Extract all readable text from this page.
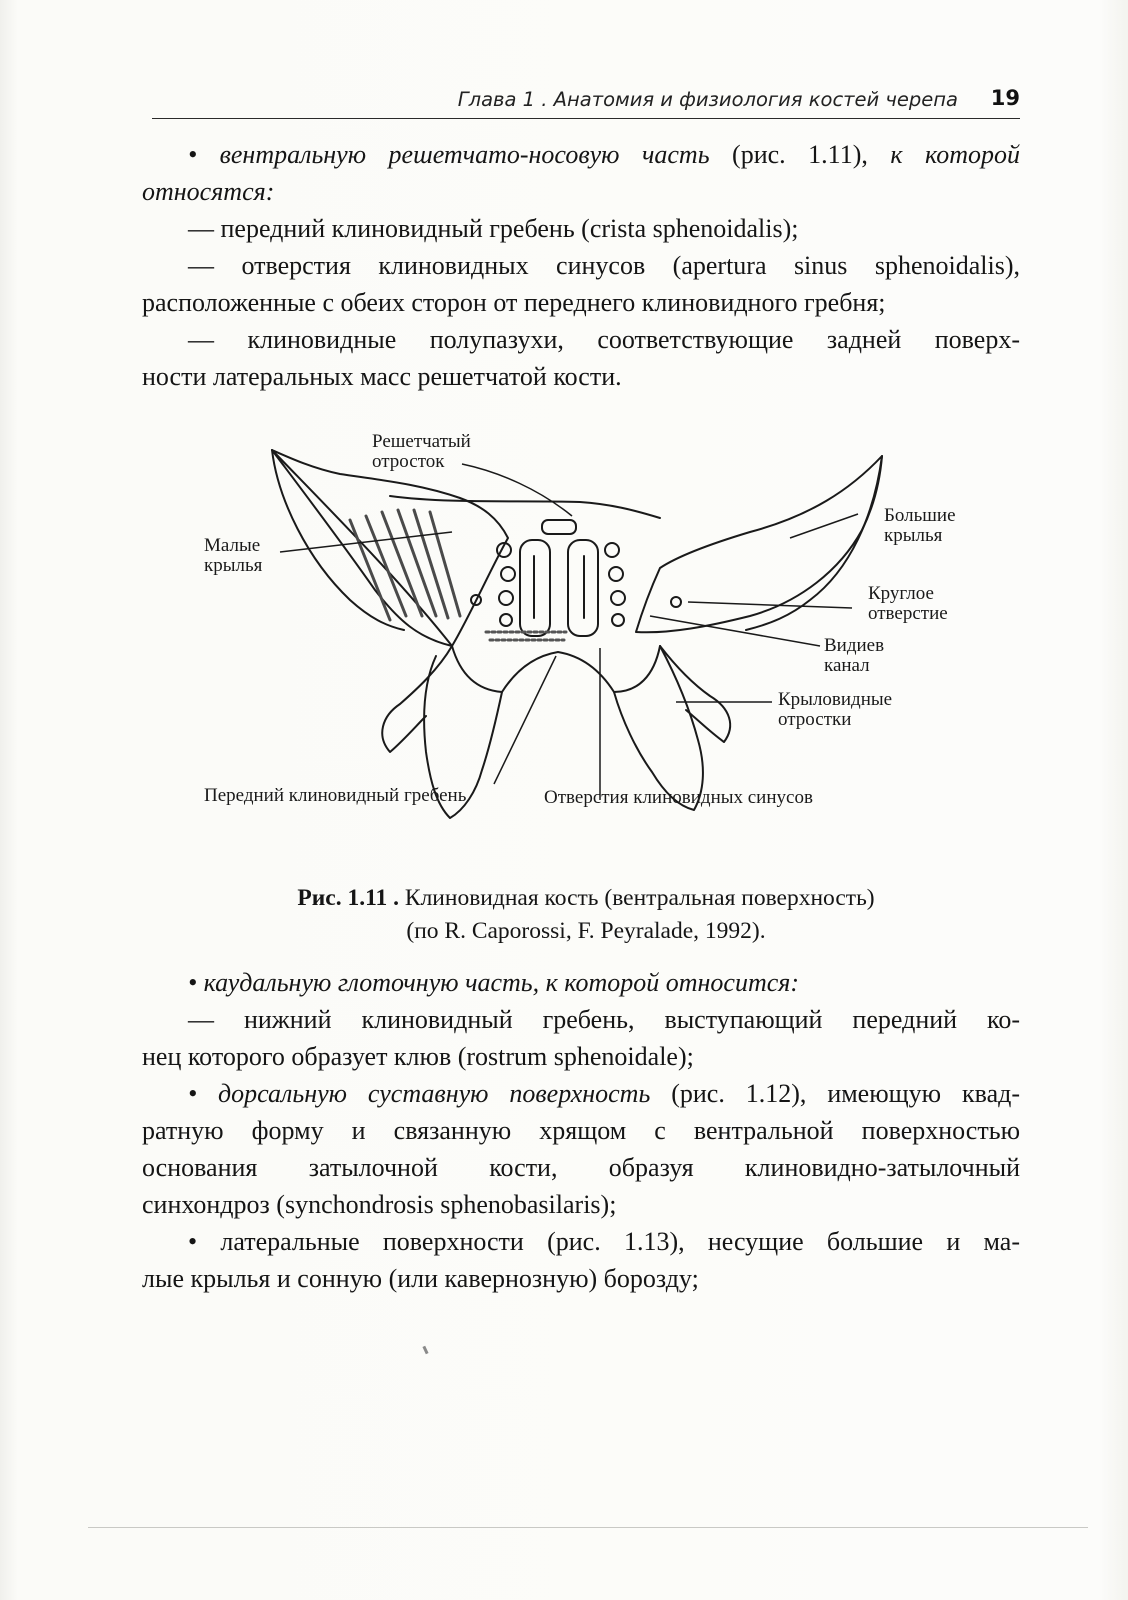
Глава 1 . Анатомия и физиология костей черепа 19
• вентральную решетчато-носовую часть (рис. 1.11), к которой
относятся:
— передний клиновидный гребень (crista sphenoidalis);
— отверстия клиновидных синусов (apertura sinus sphenoidalis),
расположенные с обеих сторон от переднего клиновидного гребня;
— клиновидные полупазухи, соответствующие задней поверх-
ности латеральных масс решетчатой кости.
Решетчатый
отросток
Малые
крылья
Большие
крылья
Круглое
отверстие
Видиев
канал
Крыловидные
отростки
Передний клиновидный гребень	Отверстия клиновидных синусов
Рис. 1.11 . Клиновидная кость (вентральная поверхность)
(по R. Caporossi, F. Peyralade, 1992).
• каудальную глоточную часть, к которой относится:
— нижний клиновидный гребень, выступающий передний ко-
нец которого образует клюв (rostrum sphenoidale);
• дорсальную суставную поверхность (рис. 1.12), имеющую квад-
ратную форму и связанную хрящом с вентральной поверхностью
основания затылочной кости, образуя клиновидно-затылочный
синхондроз (synchondrosis sphenobasilaris);
• латеральные поверхности (рис. 1.13), несущие большие и ма-
лые крылья и сонную (или кавернозную) борозду;
